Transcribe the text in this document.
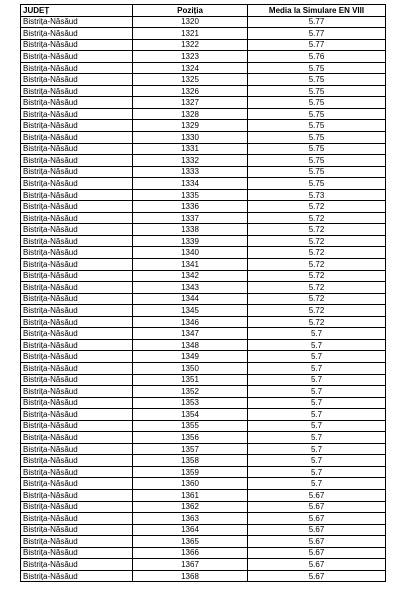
JUDEȚ	Poziția	Media la Simulare EN VIII
Bistrița-Năsăud	1320	5.77
Bistrița-Năsăud	1321	5.77
Bistrița-Năsăud	1322	5.77
Bistrița-Năsăud	1323	5.76
Bistrița-Năsăud	1324	5.75
Bistrița-Năsăud	1325	5.75
Bistrița-Năsăud	1326	5.75
Bistrița-Năsăud	1327	5.75
Bistrița-Năsăud	1328	5.75
Bistrița-Năsăud	1329	5.75
Bistrița-Năsăud	1330	5.75
Bistrița-Năsăud	1331	5.75
Bistrița-Năsăud	1332	5.75
Bistrița-Năsăud	1333	5.75
Bistrița-Năsăud	1334	5.75
Bistrița-Năsăud	1335	5.73
Bistrița-Năsăud	1336	5.72
Bistrița-Năsăud	1337	5.72
Bistrița-Năsăud	1338	5.72
Bistrița-Năsăud	1339	5.72
Bistrița-Năsăud	1340	5.72
Bistrița-Năsăud	1341	5.72
Bistrița-Năsăud	1342	5.72
Bistrița-Năsăud	1343	5.72
Bistrița-Năsăud	1344	5.72
Bistrița-Năsăud	1345	5.72
Bistrița-Năsăud	1346	5.72
Bistrița-Năsăud	1347	5.7
Bistrița-Năsăud	1348	5.7
Bistrița-Năsăud	1349	5.7
Bistrița-Năsăud	1350	5.7
Bistrița-Năsăud	1351	5.7
Bistrița-Năsăud	1352	5.7
Bistrița-Năsăud	1353	5.7
Bistrița-Năsăud	1354	5.7
Bistrița-Năsăud	1355	5.7
Bistrița-Năsăud	1356	5.7
Bistrița-Năsăud	1357	5.7
Bistrița-Năsăud	1358	5.7
Bistrița-Năsăud	1359	5.7
Bistrița-Năsăud	1360	5.7
Bistrița-Năsăud	1361	5.67
Bistrița-Năsăud	1362	5.67
Bistrița-Năsăud	1363	5.67
Bistrița-Năsăud	1364	5.67
Bistrița-Năsăud	1365	5.67
Bistrița-Năsăud	1366	5.67
Bistrița-Năsăud	1367	5.67
Bistrița-Năsăud	1368	5.67
